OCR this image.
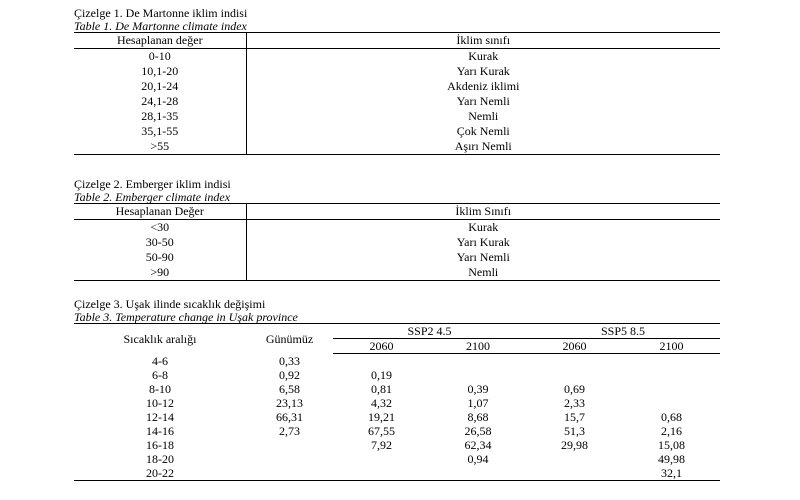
Çizelge 1. De Martonne iklim indisi
Table 1. De Martonne climate index
Hesaplanan değer	İklim sınıfı
0-10	Kurak
10,1-20	Yarı Kurak
20,1-24	Akdeniz iklimi
24,1-28	Yarı Nemli
28,1-35	Nemli
35,1-55	Çok Nemli
>55	Aşırı Nemli
Çizelge 2. Emberger iklim indisi
Table 2. Emberger climate index
Hesaplanan Değer	İklim Sınıfı
<30	Kurak
30-50	Yarı Kurak
50-90	Yarı Nemli
>90	Nemli
Çizelge 3. Uşak ilinde sıcaklık değişimi
Table 3. Temperature change in Uşak province
Sıcaklık aralığı	Günümüz	SSP2 4.5		SSP5 8.5	
		2060	2100	2060	2100
4-6	0,33				
6-8	0,92	0,19			
8-10	6,58	0,81	0,39	0,69	
10-12	23,13	4,32	1,07	2,33	
12-14	66,31	19,21	8,68	15,7	0,68
14-16	2,73	67,55	26,58	51,3	2,16
16-18		7,92	62,34	29,98	15,08
18-20			0,94		49,98
20-22					32,1
